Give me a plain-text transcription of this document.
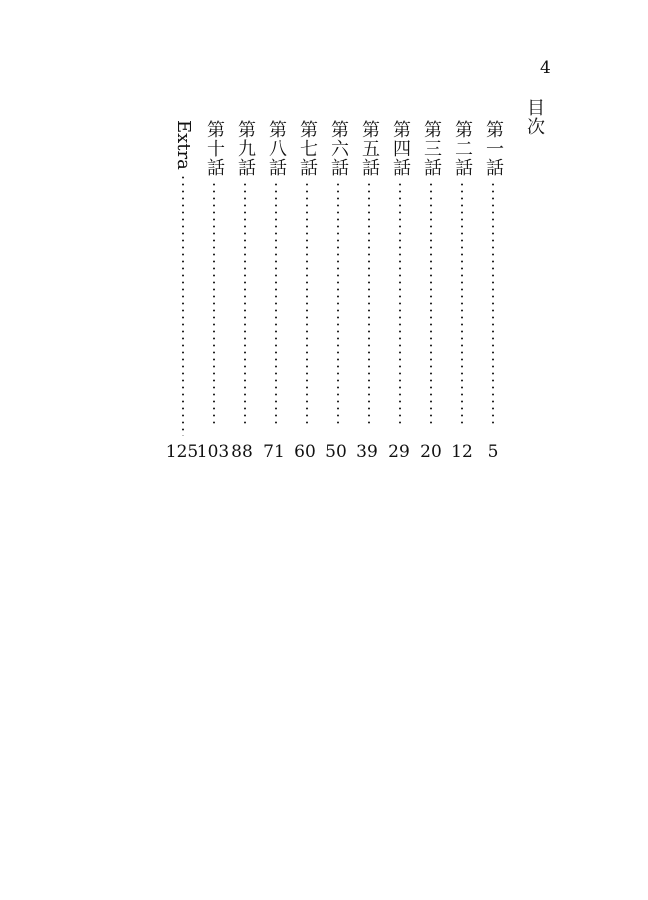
4
目次
第一話
第二話
第三話
第四話
第五話
第六話
第七話
第八話
第九話
第十話
Extra
5
12
20
29
39
50
60
71
88
103
125
